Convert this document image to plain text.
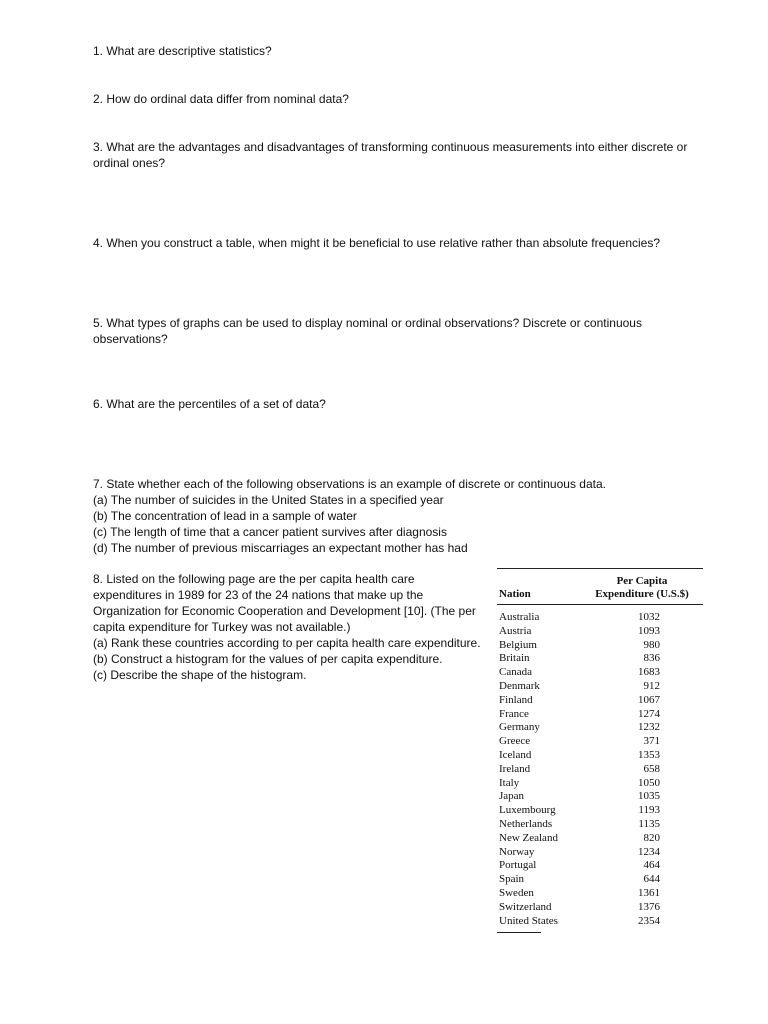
1. What are descriptive statistics?

2. How do ordinal data differ from nominal data?

3. What are the advantages and disadvantages of transforming continuous measurements into either discrete or ordinal ones?

4. When you construct a table, when might it be beneficial to use relative rather than absolute frequencies?

5. What types of graphs can be used to display nominal or ordinal observations? Discrete or continuous observations?

6. What are the percentiles of a set of data?

7. State whether each of the following observations is an example of discrete or continuous data.

(a) The number of suicides in the United States in a specified year

(b) The concentration of lead in a sample of water

(c) The length of time that a cancer patient survives after diagnosis

(d) The number of previous miscarriages an expectant mother has had

8. Listed on the following page are the per capita health care expenditures in 1989 for 23 of the 24 nations that make up the Organization for Economic Cooperation and Development [10]. (The per capita expenditure for Turkey was not available.)

(a) Rank these countries according to per capita health care expenditure.

(b) Construct a histogram for the values of per capita expenditure.

(c) Describe the shape of the histogram.

Nation
Per Capita
Expenditure (U.S.$)
Australia	1032
Austria	1093
Belgium	980
Britain	836
Canada	1683
Denmark	912
Finland	1067
France	1274
Germany	1232
Greece	371
Iceland	1353
Ireland	658
Italy	1050
Japan	1035
Luxembourg	1193
Netherlands	1135
New Zealand	820
Norway	1234
Portugal	464
Spain	644
Sweden	1361
Switzerland	1376
United States	2354
